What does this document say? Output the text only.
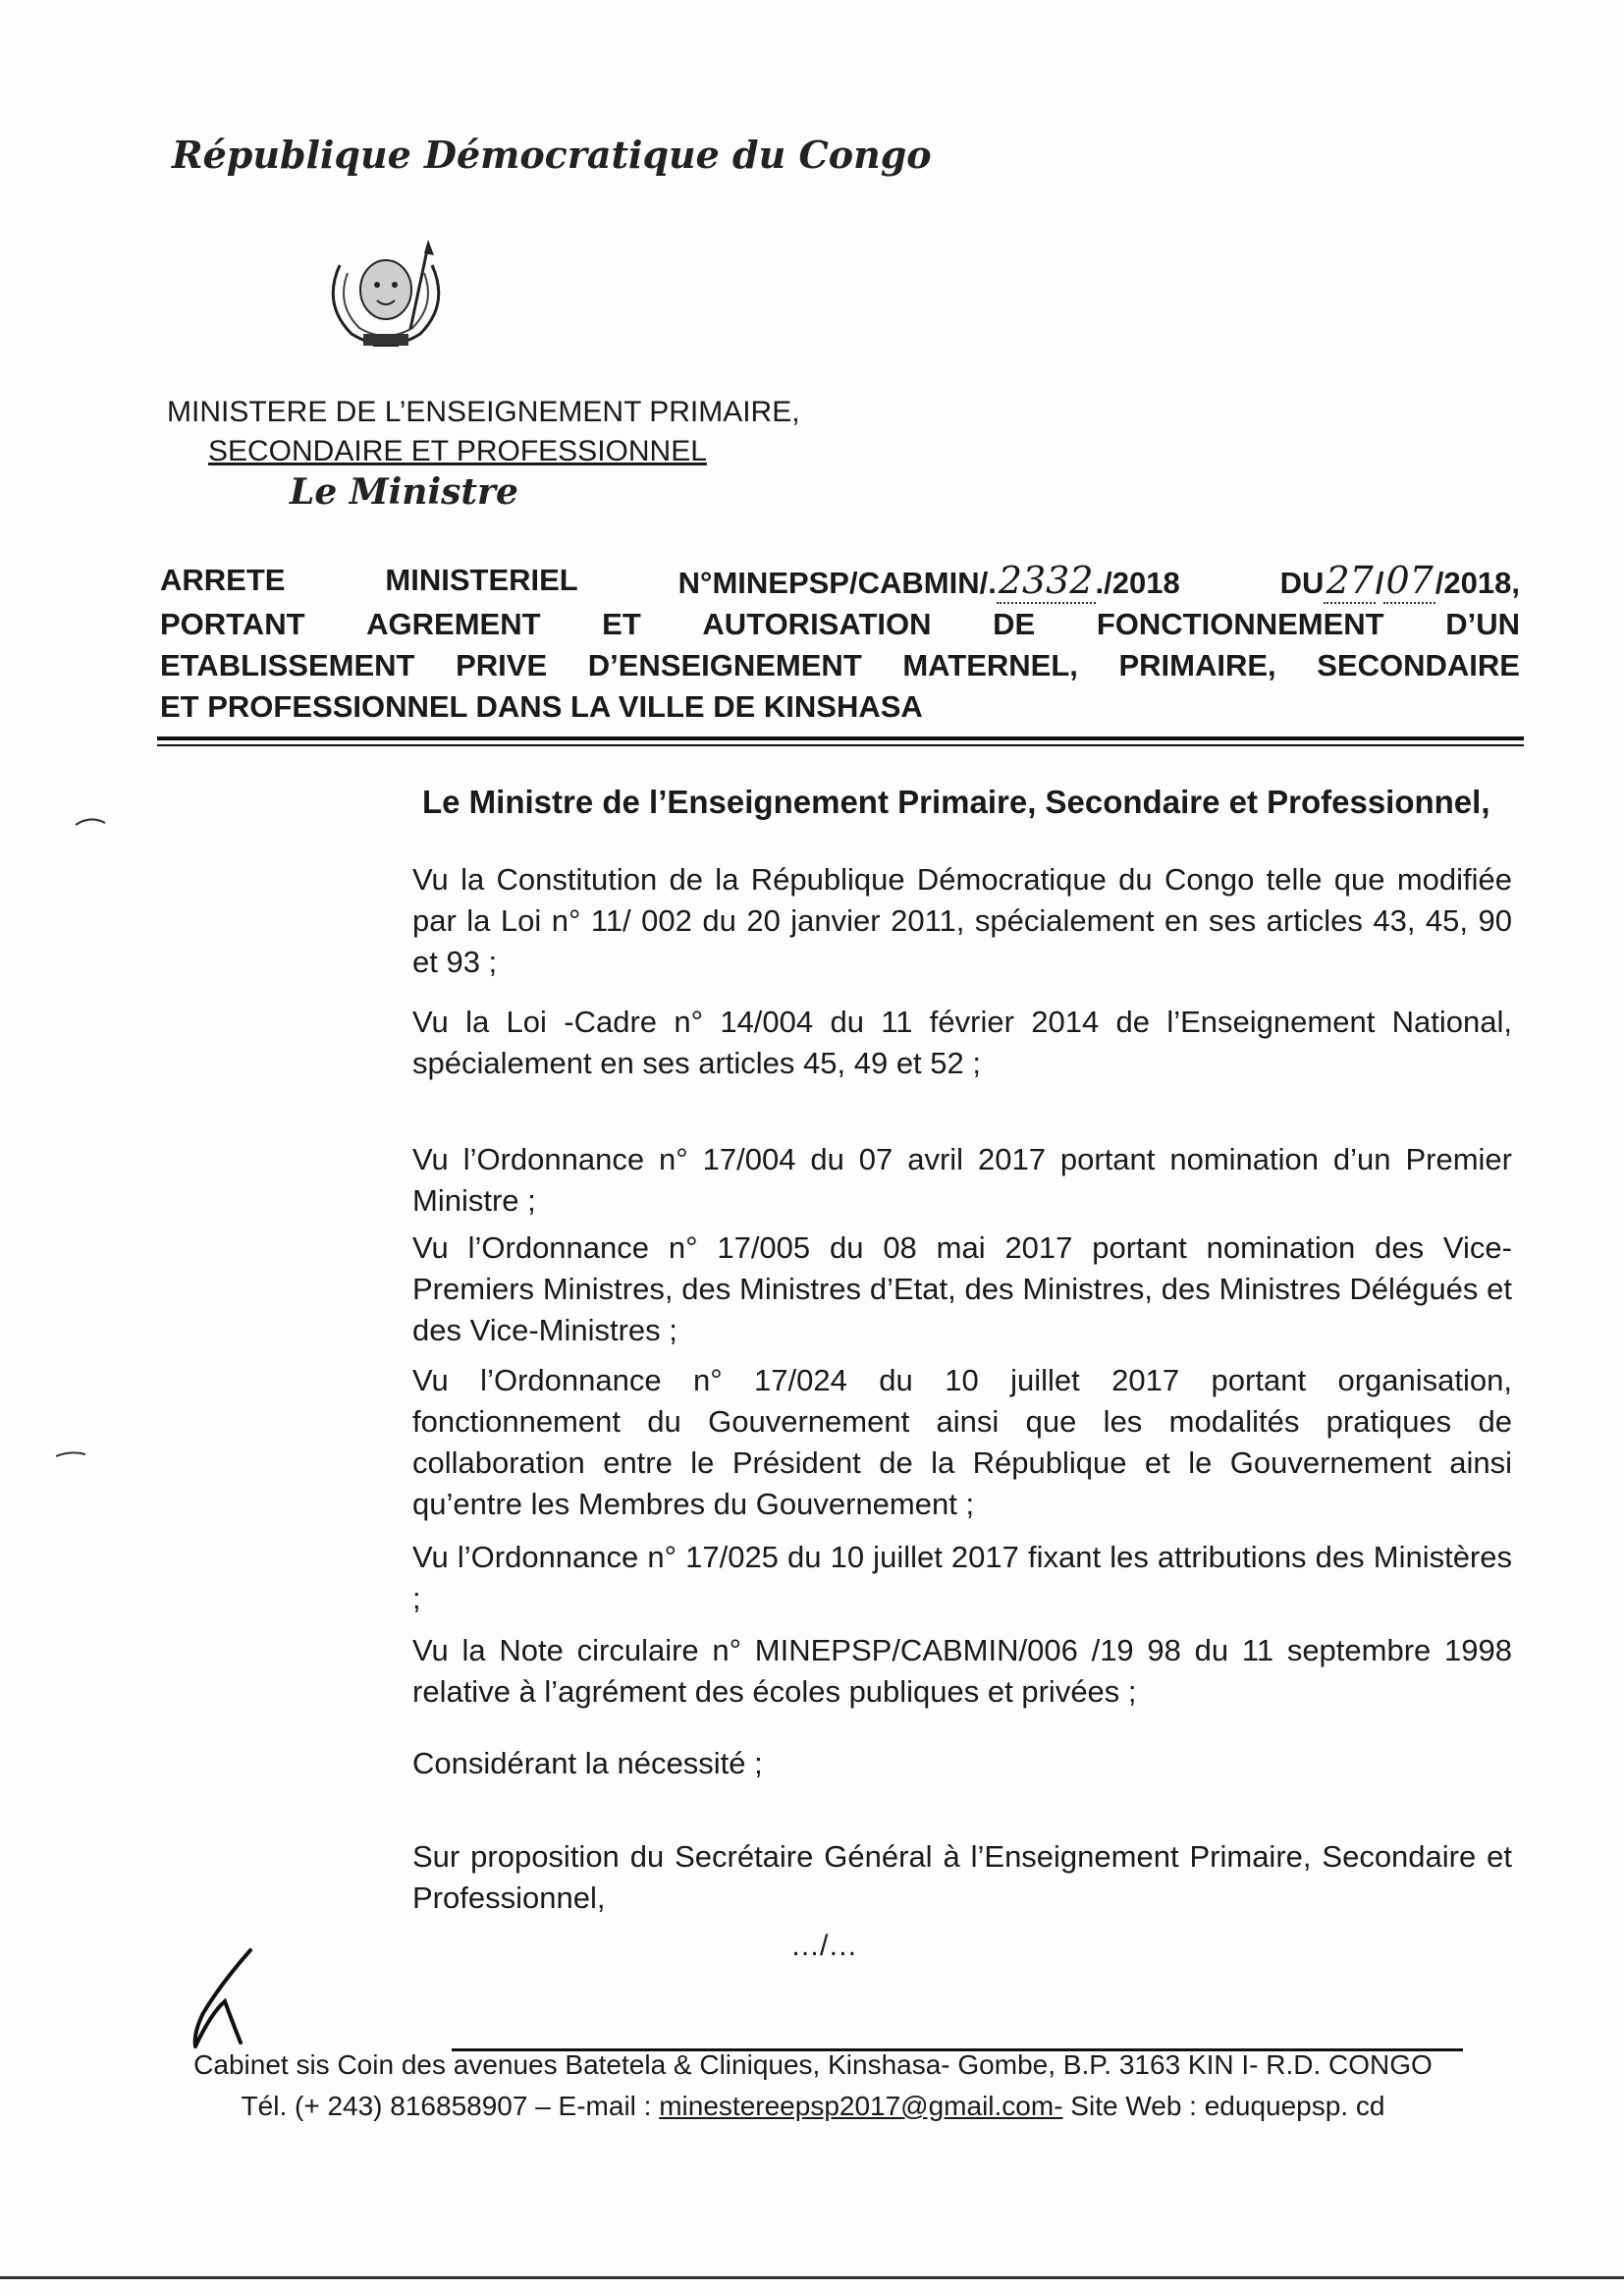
République Démocratique du Congo
MINISTERE DE L’ENSEIGNEMENT PRIMAIRE,
SECONDAIRE ET PROFESSIONNEL
Le Ministre
ARRETE	MINISTERIEL	N°MINEPSP/CABMIN/.2332./2018	DU27/07/2018,
PORTANT AGREMENT ET AUTORISATION DE FONCTIONNEMENT D’UN
ETABLISSEMENT PRIVE D’ENSEIGNEMENT MATERNEL, PRIMAIRE, SECONDAIRE
ET PROFESSIONNEL DANS LA VILLE DE KINSHASA
Le Ministre de l’Enseignement Primaire, Secondaire et Professionnel,
Vu la Constitution de la République Démocratique du Congo telle que modifiée par la Loi n° 11/ 002 du 20 janvier 2011, spécialement en ses articles 43, 45, 90 et 93 ;
Vu la Loi -Cadre n° 14/004 du 11 février 2014 de l’Enseignement National, spécialement en ses articles 45, 49 et 52 ;
Vu l’Ordonnance n° 17/004 du 07 avril 2017 portant nomination d’un Premier Ministre ;
Vu l’Ordonnance n° 17/005 du 08 mai 2017 portant nomination des Vice-Premiers Ministres, des Ministres d’Etat, des Ministres, des Ministres Délégués et des Vice-Ministres ;
Vu l’Ordonnance n° 17/024 du 10 juillet 2017 portant organisation, fonctionnement du Gouvernement ainsi que les modalités pratiques de collaboration entre le Président de la République et le Gouvernement ainsi qu’entre les Membres du Gouvernement ;
Vu l’Ordonnance n° 17/025 du 10 juillet 2017 fixant les attributions des Ministères ;
Vu la Note circulaire n° MINEPSP/CABMIN/006 /19 98 du 11 septembre 1998 relative à l’agrément des écoles publiques et privées ;
Considérant la nécessité ;
Sur proposition du Secrétaire Général à l’Enseignement Primaire, Secondaire et Professionnel,
…/…
Cabinet sis Coin des avenues Batetela & Cliniques, Kinshasa- Gombe, B.P. 3163 KIN I- R.D. CONGO
Tél. (+ 243) 816858907 – E-mail : minestereepsp2017@gmail.com- Site Web : eduquepsp. cd
